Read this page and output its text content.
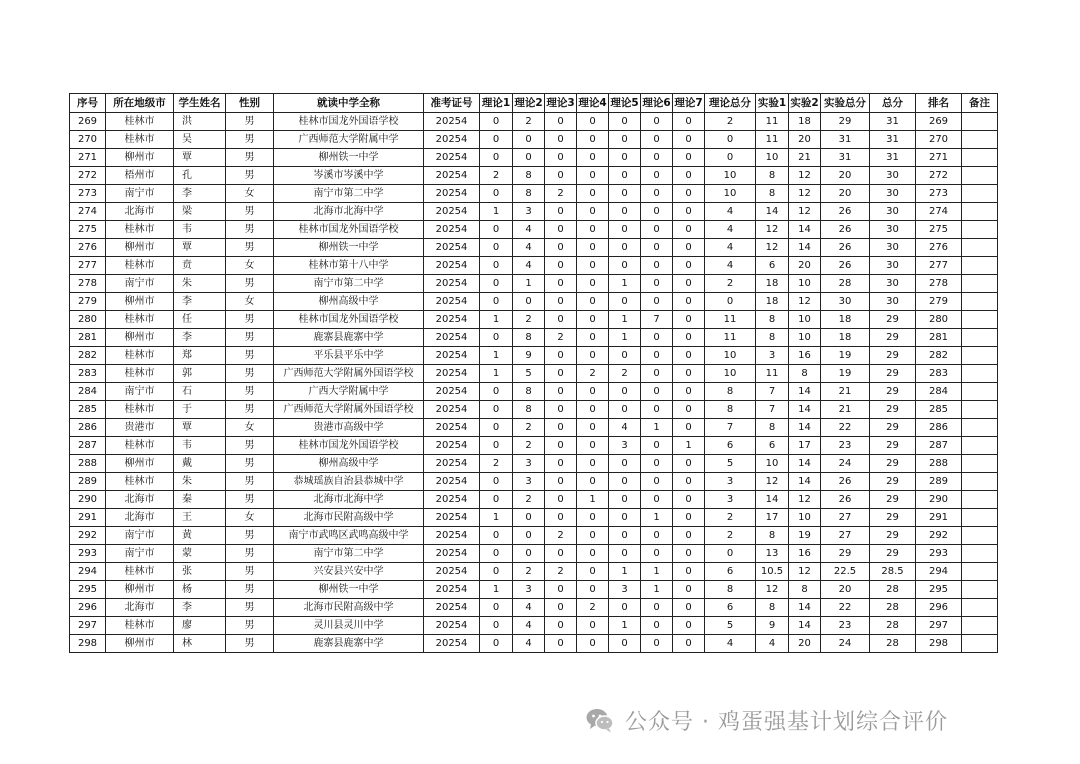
序号	所在地级市	学生姓名	性别	就读中学全称	准考证号	理论1	理论2	理论3	理论4	理论5	理论6	理论7	理论总分	实验1	实验2	实验总分	总分	排名	备注
269	桂林市	洪	男	桂林市国龙外国语学校	20254	0	2	0	0	0	0	0	2	11	18	29	31	269	
270	桂林市	吴	男	广西师范大学附属中学	20254	0	0	0	0	0	0	0	0	11	20	31	31	270	
271	柳州市	覃	男	柳州铁一中学	20254	0	0	0	0	0	0	0	0	10	21	31	31	271	
272	梧州市	孔	男	岑溪市岑溪中学	20254	2	8	0	0	0	0	0	10	8	12	20	30	272	
273	南宁市	李	女	南宁市第二中学	20254	0	8	2	0	0	0	0	10	8	12	20	30	273	
274	北海市	梁	男	北海市北海中学	20254	1	3	0	0	0	0	0	4	14	12	26	30	274	
275	桂林市	韦	男	桂林市国龙外国语学校	20254	0	4	0	0	0	0	0	4	12	14	26	30	275	
276	柳州市	覃	男	柳州铁一中学	20254	0	4	0	0	0	0	0	4	12	14	26	30	276	
277	桂林市	贲	女	桂林市第十八中学	20254	0	4	0	0	0	0	0	4	6	20	26	30	277	
278	南宁市	朱	男	南宁市第二中学	20254	0	1	0	0	1	0	0	2	18	10	28	30	278	
279	柳州市	李	女	柳州高级中学	20254	0	0	0	0	0	0	0	0	18	12	30	30	279	
280	桂林市	任	男	桂林市国龙外国语学校	20254	1	2	0	0	1	7	0	11	8	10	18	29	280	
281	柳州市	李	男	鹿寨县鹿寨中学	20254	0	8	2	0	1	0	0	11	8	10	18	29	281	
282	桂林市	郑	男	平乐县平乐中学	20254	1	9	0	0	0	0	0	10	3	16	19	29	282	
283	桂林市	郭	男	广西师范大学附属外国语学校	20254	1	5	0	2	2	0	0	10	11	8	19	29	283	
284	南宁市	石	男	广西大学附属中学	20254	0	8	0	0	0	0	0	8	7	14	21	29	284	
285	桂林市	于	男	广西师范大学附属外国语学校	20254	0	8	0	0	0	0	0	8	7	14	21	29	285	
286	贵港市	覃	女	贵港市高级中学	20254	0	2	0	0	4	1	0	7	8	14	22	29	286	
287	桂林市	韦	男	桂林市国龙外国语学校	20254	0	2	0	0	3	0	1	6	6	17	23	29	287	
288	柳州市	戴	男	柳州高级中学	20254	2	3	0	0	0	0	0	5	10	14	24	29	288	
289	桂林市	朱	男	恭城瑶族自治县恭城中学	20254	0	3	0	0	0	0	0	3	12	14	26	29	289	
290	北海市	秦	男	北海市北海中学	20254	0	2	0	1	0	0	0	3	14	12	26	29	290	
291	北海市	王	女	北海市民附高级中学	20254	1	0	0	0	0	1	0	2	17	10	27	29	291	
292	南宁市	黄	男	南宁市武鸣区武鸣高级中学	20254	0	0	2	0	0	0	0	2	8	19	27	29	292	
293	南宁市	蒙	男	南宁市第二中学	20254	0	0	0	0	0	0	0	0	13	16	29	29	293	
294	桂林市	张	男	兴安县兴安中学	20254	0	2	2	0	1	1	0	6	10.5	12	22.5	28.5	294	
295	柳州市	杨	男	柳州铁一中学	20254	1	3	0	0	3	1	0	8	12	8	20	28	295	
296	北海市	李	男	北海市民附高级中学	20254	0	4	0	2	0	0	0	6	8	14	22	28	296	
297	桂林市	廖	男	灵川县灵川中学	20254	0	4	0	0	1	0	0	5	9	14	23	28	297	
298	柳州市	林	男	鹿寨县鹿寨中学	20254	0	4	0	0	0	0	0	4	4	20	24	28	298	
公众号 · 鸡蛋强基计划综合评价
